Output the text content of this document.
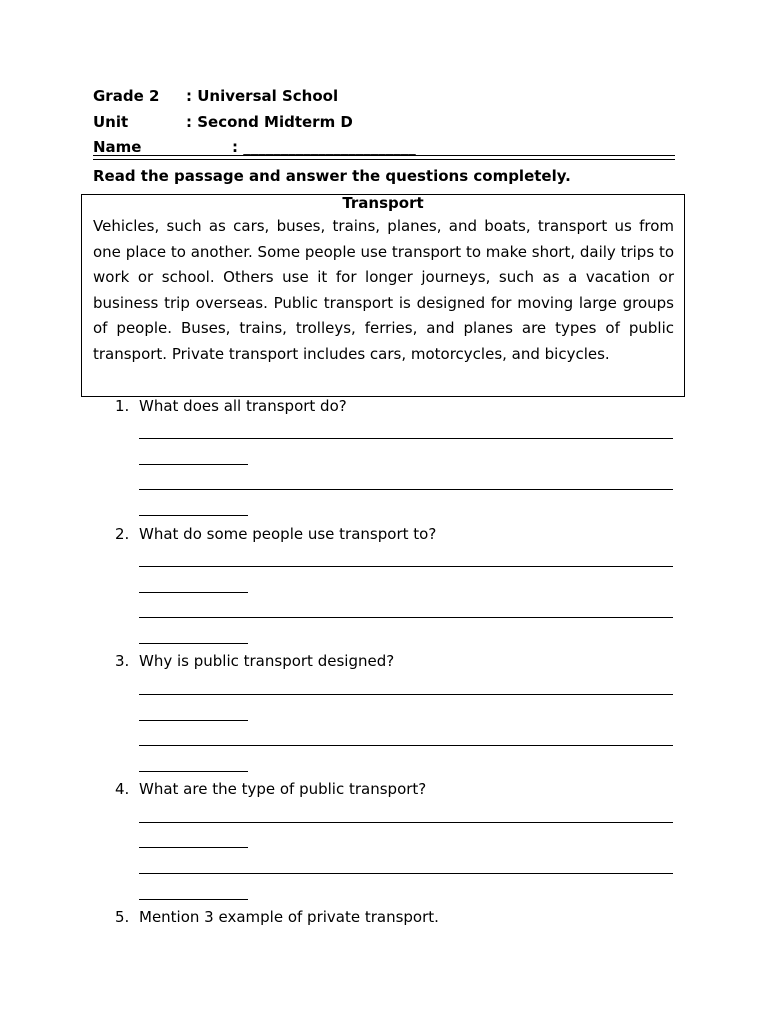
Grade 2 : Universal School
Unit	: Second Midterm D
Name	: _______________________
Read the passage and answer the questions completely.
Transport
Vehicles, such as cars, buses, trains, planes, and boats, transport us from one place to another. Some people use transport to make short, daily trips to work or school. Others use it for longer journeys, such as a vacation or business trip overseas. Public transport is designed for moving large groups of people. Buses, trains, trolleys, ferries, and planes are types of public transport. Private transport includes cars, motorcycles, and bicycles.
1. What does all transport do?
2. What do some people use transport to?
3. Why is public transport designed?
4. What are the type of public transport?
5. Mention 3 example of private transport.
